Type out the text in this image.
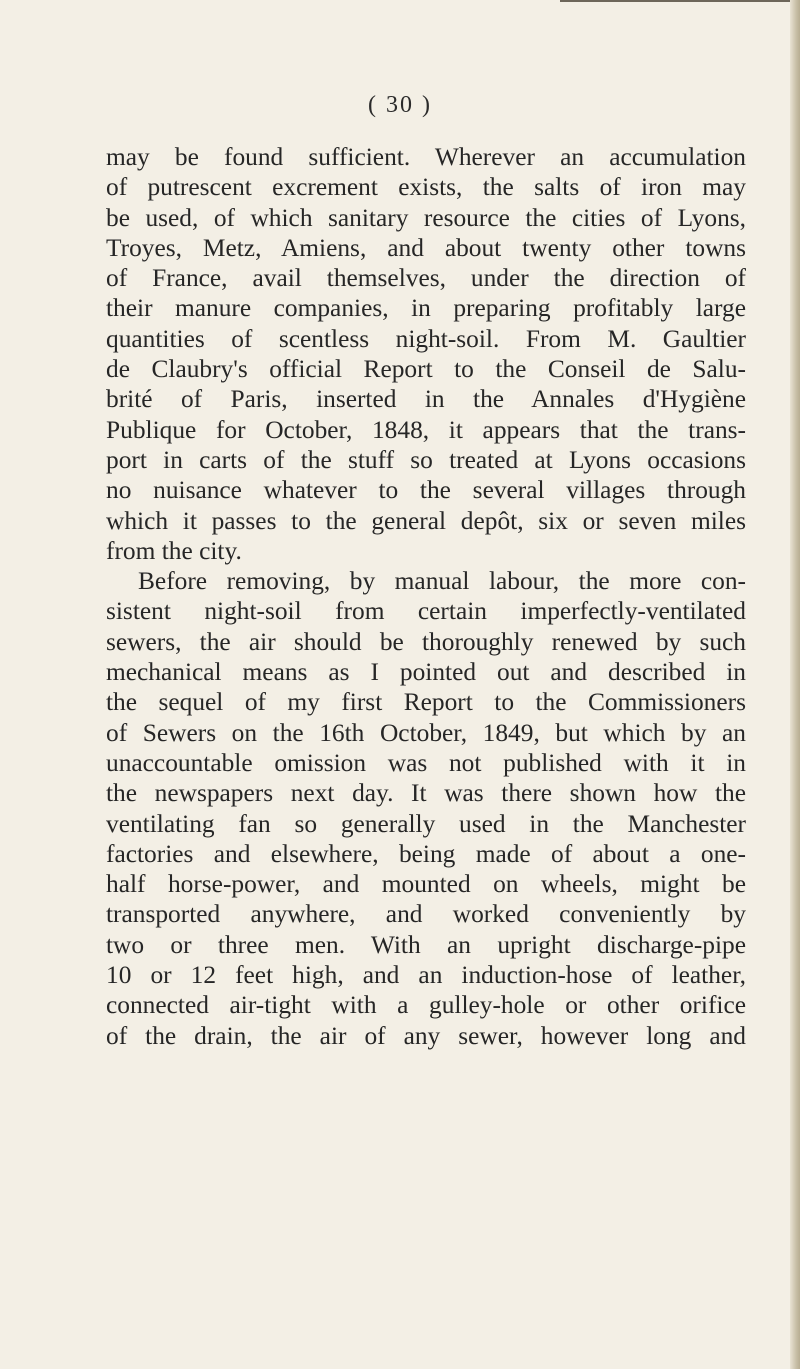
( 30 )
may be found sufficient. Wherever an accumulation
of putrescent excrement exists, the salts of iron may
be used, of which sanitary resource the cities of Lyons,
Troyes, Metz, Amiens, and about twenty other towns
of France, avail themselves, under the direction of
their manure companies, in preparing profitably large
quantities of scentless night-soil. From M. Gaultier
de Claubry's official Report to the Conseil de Salu-
brité of Paris, inserted in the Annales d'Hygiène
Publique for October, 1848, it appears that the trans-
port in carts of the stuff so treated at Lyons occasions
no nuisance whatever to the several villages through
which it passes to the general depôt, six or seven miles
from the city.
Before removing, by manual labour, the more con-
sistent night-soil from certain imperfectly-ventilated
sewers, the air should be thoroughly renewed by such
mechanical means as I pointed out and described in
the sequel of my first Report to the Commissioners
of Sewers on the 16th October, 1849, but which by an
unaccountable omission was not published with it in
the newspapers next day. It was there shown how the
ventilating fan so generally used in the Manchester
factories and elsewhere, being made of about a one-
half horse-power, and mounted on wheels, might be
transported anywhere, and worked conveniently by
two or three men. With an upright discharge-pipe
10 or 12 feet high, and an induction-hose of leather,
connected air-tight with a gulley-hole or other orifice
of the drain, the air of any sewer, however long and
